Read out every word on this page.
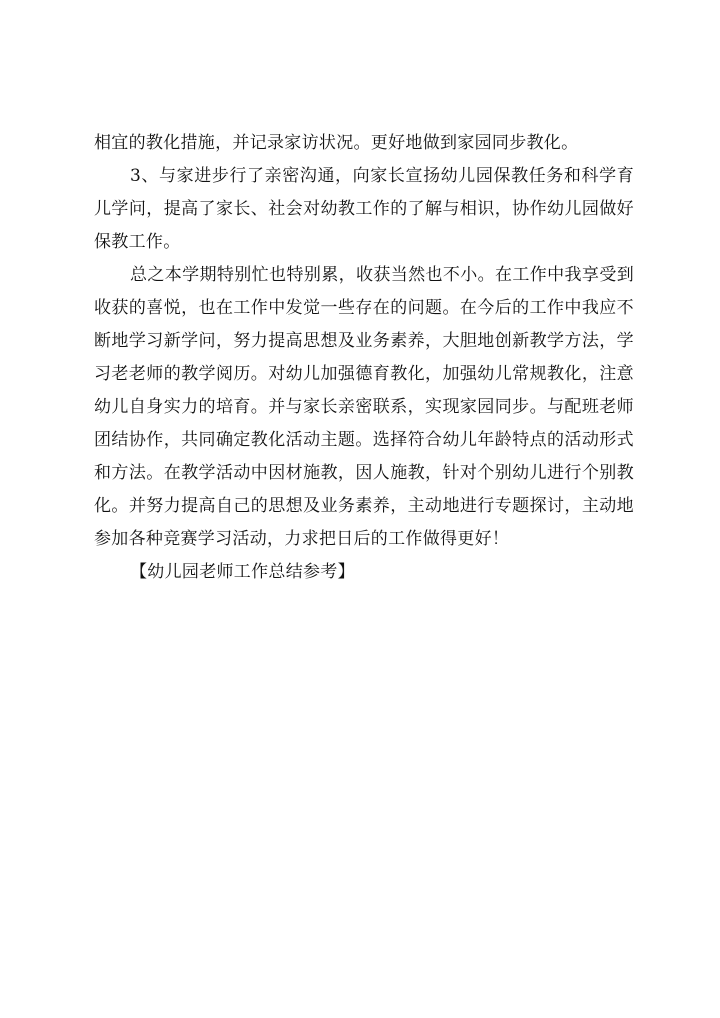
相宜的教化措施，并记录家访状况。更好地做到家园同步教化。

3、与家进步行了亲密沟通，向家长宣扬幼儿园保教任务和科学育儿学问，提高了家长、社会对幼教工作的了解与相识，协作幼儿园做好保教工作。

总之本学期特别忙也特别累，收获当然也不小。在工作中我享受到收获的喜悦，也在工作中发觉一些存在的问题。在今后的工作中我应不断地学习新学问，努力提高思想及业务素养，大胆地创新教学方法，学习老老师的教学阅历。对幼儿加强德育教化，加强幼儿常规教化，注意幼儿自身实力的培育。并与家长亲密联系，实现家园同步。与配班老师团结协作，共同确定教化活动主题。选择符合幼儿年龄特点的活动形式和方法。在教学活动中因材施教，因人施教，针对个别幼儿进行个别教化。并努力提高自己的思想及业务素养，主动地进行专题探讨，主动地参加各种竞赛学习活动，力求把日后的工作做得更好！

【幼儿园老师工作总结参考】
